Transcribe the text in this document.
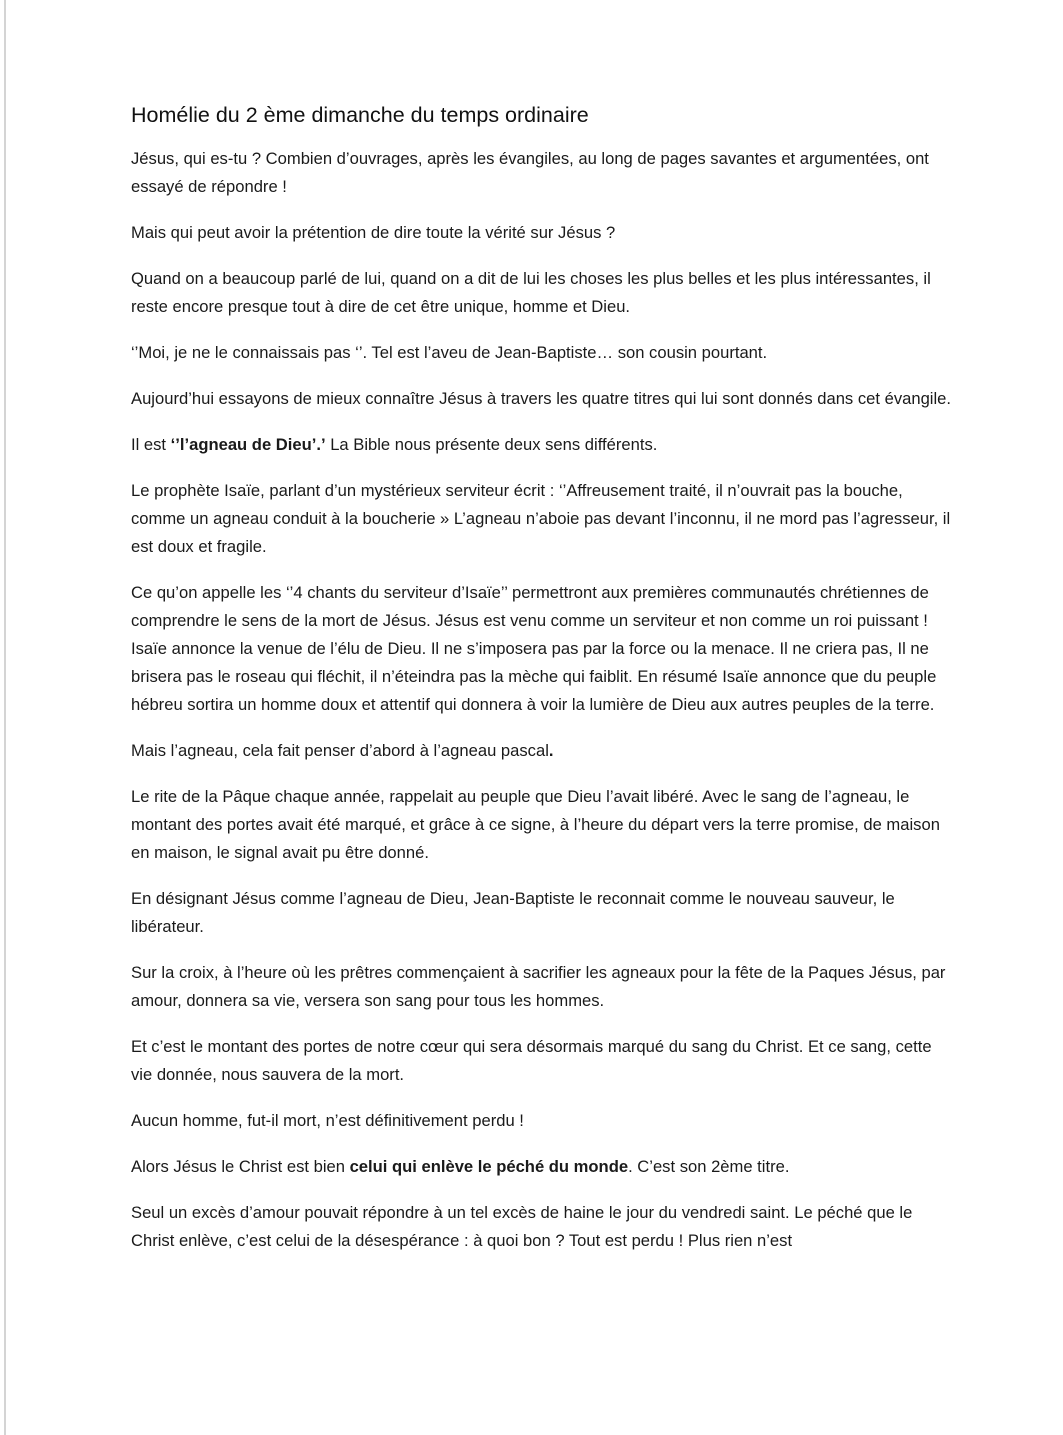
Homélie du 2 ème dimanche du temps ordinaire

Jésus, qui es-tu ? Combien d’ouvrages, après les évangiles, au long de pages savantes et argumentées, ont essayé de répondre !

Mais qui peut avoir la prétention de dire toute la vérité sur Jésus ?

Quand on a beaucoup parlé de lui, quand on a dit de lui les choses les plus belles et les plus intéressantes, il reste encore presque tout à dire de cet être unique, homme et Dieu.

‘’Moi, je ne le connaissais pas ‘’. Tel est l’aveu de Jean-Baptiste… son cousin pourtant.

Aujourd’hui essayons de mieux connaître Jésus à travers les quatre titres qui lui sont donnés dans cet évangile.

Il est ‘’l’agneau de Dieu’.’ La Bible nous présente deux sens différents.

Le prophète Isaïe, parlant d’un mystérieux serviteur écrit : ‘’Affreusement traité, il n’ouvrait pas la bouche, comme un agneau conduit à la boucherie » L’agneau n’aboie pas devant l’inconnu, il ne mord pas l’agresseur, il est doux et fragile.

Ce qu’on appelle les ‘’4 chants du serviteur d’Isaïe’’ permettront aux premières communautés chrétiennes de comprendre le sens de la mort de Jésus. Jésus est venu comme un serviteur et non comme un roi puissant ! Isaïe annonce la venue de l’élu de Dieu. Il ne s’imposera pas par la force ou la menace. Il ne criera pas, Il ne brisera pas le roseau qui fléchit, il n’éteindra pas la mèche qui faiblit. En résumé Isaïe annonce que du peuple hébreu sortira un homme doux et attentif qui donnera à voir la lumière de Dieu aux autres peuples de la terre.

Mais l’agneau, cela fait penser d’abord à l’agneau pascal.

Le rite de la Pâque chaque année, rappelait au peuple que Dieu l’avait libéré. Avec le sang de l’agneau, le montant des portes avait été marqué, et grâce à ce signe, à l’heure du départ vers la terre promise, de maison en maison, le signal avait pu être donné.

En désignant Jésus comme l’agneau de Dieu, Jean-Baptiste le reconnait comme le nouveau sauveur, le libérateur.

Sur la croix, à l’heure où les prêtres commençaient à sacrifier les agneaux pour la fête de la Paques Jésus, par amour, donnera sa vie, versera son sang pour tous les hommes.

Et c’est le montant des portes de notre cœur qui sera désormais marqué du sang du Christ. Et ce sang, cette vie donnée, nous sauvera de la mort.

Aucun homme, fut-il mort, n’est définitivement perdu !

Alors Jésus le Christ est bien celui qui enlève le péché du monde. C’est son 2ème titre.

Seul un excès d’amour pouvait répondre à un tel excès de haine le jour du vendredi saint. Le péché que le Christ enlève, c’est celui de la désespérance : à quoi bon ? Tout est perdu ! Plus rien n’est
